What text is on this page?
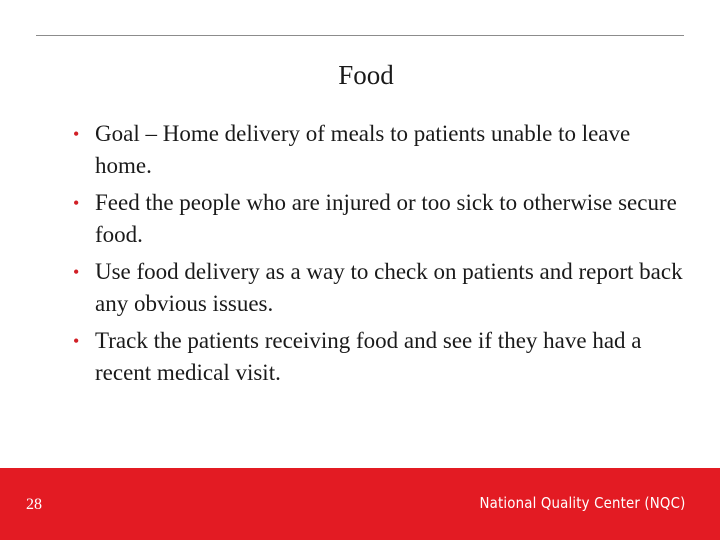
Food
• Goal – Home delivery of meals to patients unable to leave home.
• Feed the people who are injured or too sick to otherwise secure food.
• Use food delivery as a way to check on patients and report back any obvious issues.
• Track the patients receiving food and see if they have had a recent medical visit.
28	National Quality Center (NQC)
